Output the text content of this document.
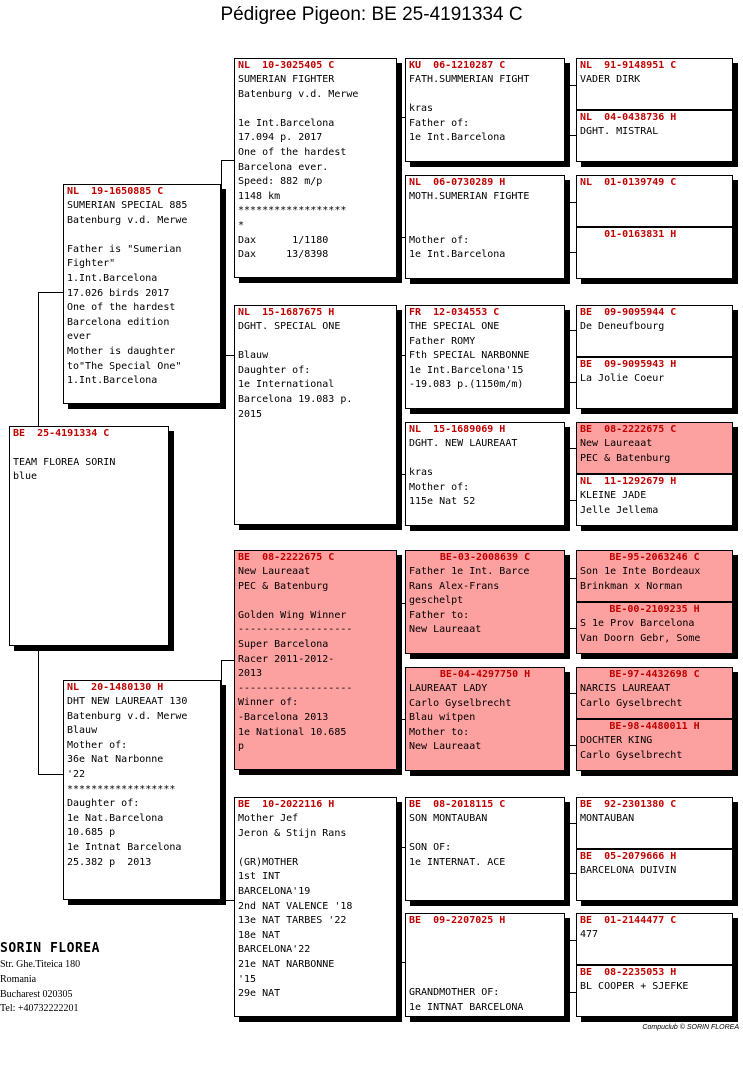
Pédigree Pigeon: BE 25-4191334 C
BE  25-4191334 C

TEAM FLOREA SORIN
blue
NL  19-1650885 C
SUMERIAN SPECIAL 885
Batenburg v.d. Merwe

Father is "Sumerian
Fighter"
1.Int.Barcelona
17.026 birds 2017
One of the hardest
Barcelona edition
ever
Mother is daughter
to"The Special One"
1.Int.Barcelona
NL  20-1480130 H
DHT NEW LAUREAAT 130
Batenburg v.d. Merwe
Blauw
Mother of:
36e Nat Narbonne
'22
******************
Daughter of:
1e Nat.Barcelona
10.685 p
1e Intnat Barcelona
25.382 p  2013
NL  10-3025405 C
SUMERIAN FIGHTER
Batenburg v.d. Merwe

1e Int.Barcelona
17.094 p. 2017
One of the hardest
Barcelona ever.
Speed: 882 m/p
1148 km
******************
*
Dax      1/1180
Dax     13/8398
NL  15-1687675 H
DGHT. SPECIAL ONE

Blauw
Daughter of:
1e International
Barcelona 19.083 p.
2015
BE  08-2222675 C
New Laureaat
PEC & Batenburg

Golden Wing Winner
-------------------
Super Barcelona
Racer 2011-2012-
2013
-------------------
Winner of:
-Barcelona 2013
1e National 10.685
p
BE  10-2022116 H
Mother Jef
Jeron & Stijn Rans

(GR)MOTHER
1st INT
BARCELONA'19
2nd NAT VALENCE '18
13e NAT TARBES '22
18e NAT
BARCELONA'22
21e NAT NARBONNE
'15
29e NAT
KU  06-1210287 C
FATH.SUMMERIAN FIGHT

kras
Father of:
1e Int.Barcelona
NL  06-0730289 H
MOTH.SUMERIAN FIGHTE

Mother of:
1e Int.Barcelona
FR  12-034553 C
THE SPECIAL ONE
Father ROMY
Fth SPECIAL NARBONNE
1e Int.Barcelona'15
-19.083 p.(1150m/m)
NL  15-1689069 H
DGHT. NEW LAUREAAT

kras
Mother of:
115e Nat S2
BE-03-2008639 C
Father 1e Int. Barce
Rans Alex-Frans
geschelpt
Father to:
New Laureaat
BE-04-4297750 H
LAUREAAT LADY
Carlo Gyselbrecht
Blau witpen
Mother to:
New Laureaat
BE  08-2018115 C
SON MONTAUBAN

SON OF:
1e INTERNAT. ACE
BE  09-2207025 H

GRANDMOTHER OF:
1e INTNAT BARCELONA
NL  91-9148951 C
VADER DIRK
NL  04-0438736 H
DGHT. MISTRAL
NL  01-0139749 C
01-0163831 H
BE  09-9095944 C
De Deneufbourg
BE  09-9095943 H
La Jolie Coeur
BE  08-2222675 C
New Laureaat
PEC & Batenburg
NL  11-1292679 H
KLEINE JADE
Jelle Jellema
BE-95-2063246 C
Son 1e Inte Bordeaux
Brinkman x Norman
BE-00-2109235 H
S 1e Prov Barcelona
Van Doorn Gebr, Some
BE-97-4432698 C
NARCIS LAUREAAT
Carlo Gyselbrecht
BE-98-4480011 H
DOCHTER KING
Carlo Gyselbrecht
BE  92-2301380 C
MONTAUBAN
BE  05-2079666 H
BARCELONA DUIVIN
BE  01-2144477 C
477
BE  08-2235053 H
BL COOPER + SJEFKE
SORIN FLOREA
Str. Ghe.Titeica 180
Romania
Bucharest 020305
Tel: +40732222201
Compuclub © SORIN FLOREA
